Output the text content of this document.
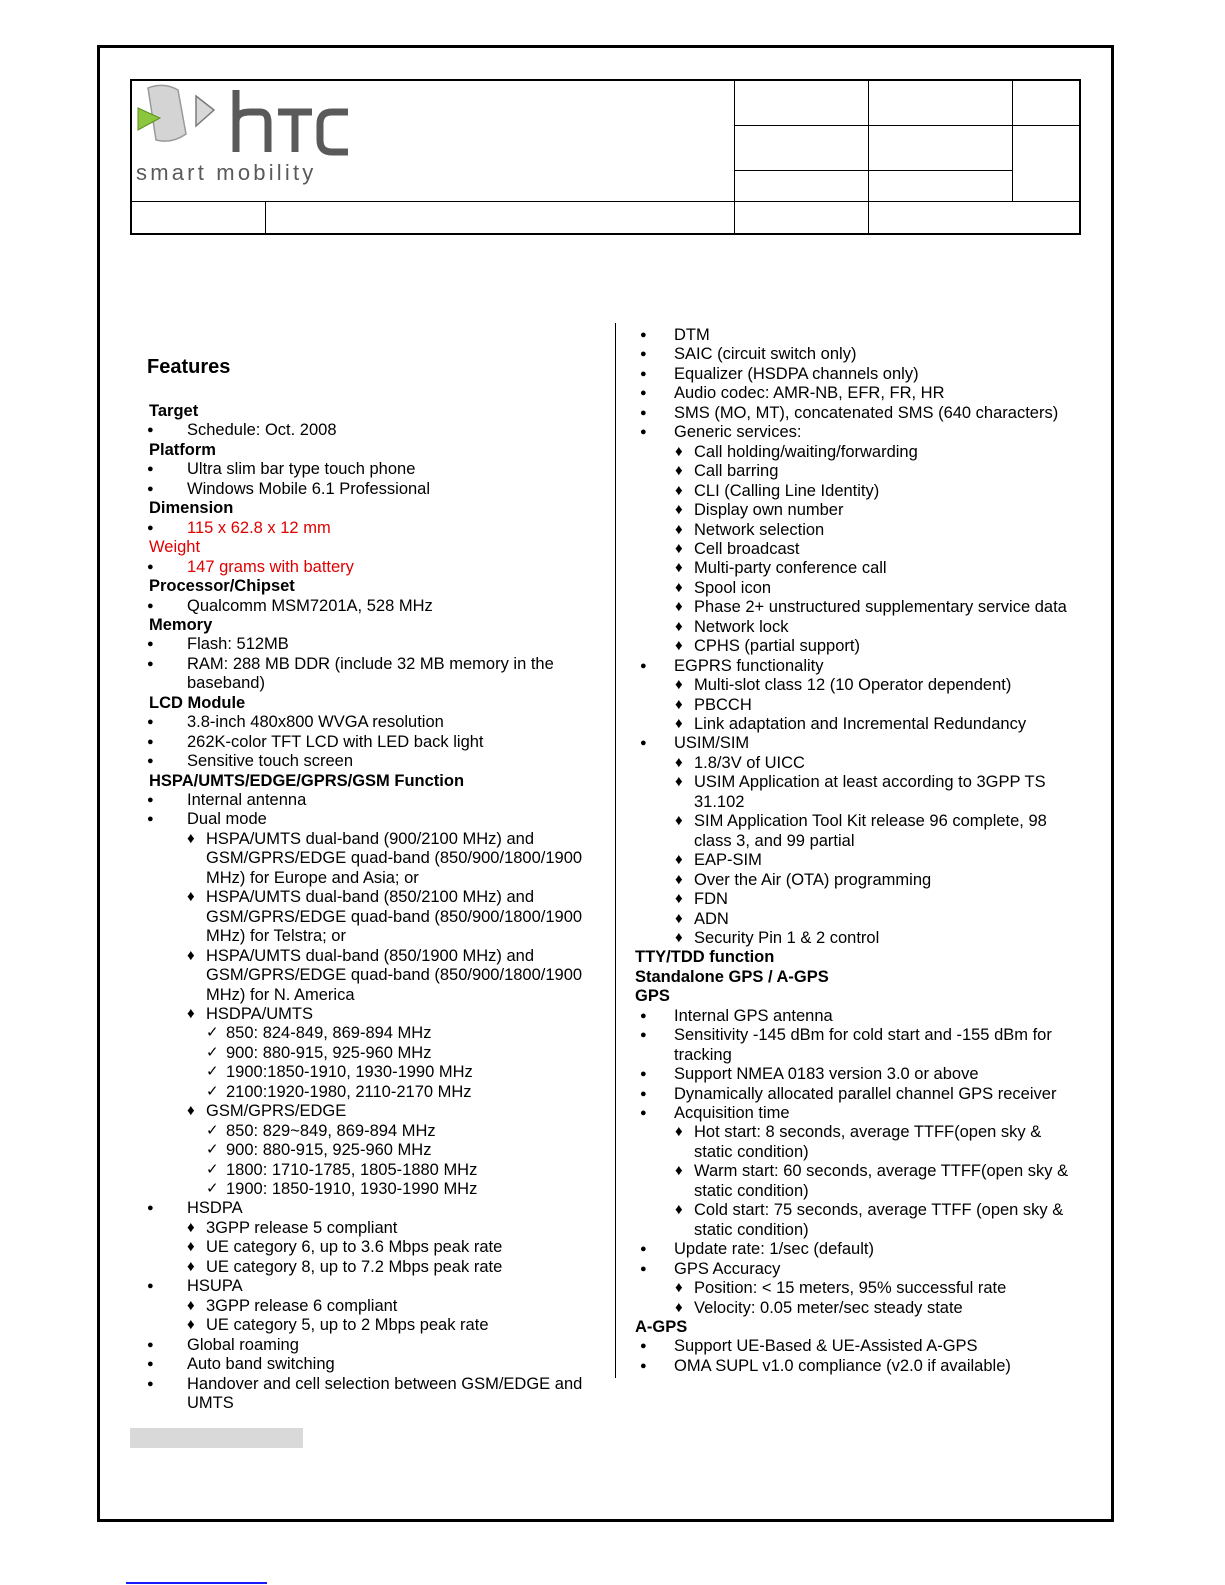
smart mobility
Features
Target
● Schedule: Oct. 2008
Platform
● Ultra slim bar type touch phone
● Windows Mobile 6.1 Professional
Dimension
● 115 x 62.8 x 12 mm
Weight
● 147 grams with battery
Processor/Chipset
● Qualcomm MSM7201A, 528 MHz
Memory
● Flash: 512MB
● RAM: 288 MB DDR (include 32 MB memory in the
baseband)
LCD Module
● 3.8-inch 480x800 WVGA resolution
● 262K-color TFT LCD with LED back light
● Sensitive touch screen
HSPA/UMTS/EDGE/GPRS/GSM Function
● Internal antenna
● Dual mode
♦ HSPA/UMTS dual-band (900/2100 MHz) and
GSM/GPRS/EDGE quad-band (850/900/1800/1900
MHz) for Europe and Asia; or
♦ HSPA/UMTS dual-band (850/2100 MHz) and
GSM/GPRS/EDGE quad-band (850/900/1800/1900
MHz) for Telstra; or
♦ HSPA/UMTS dual-band (850/1900 MHz) and
GSM/GPRS/EDGE quad-band (850/900/1800/1900
MHz) for N. America
♦ HSDPA/UMTS
✓ 850: 824-849, 869-894 MHz
✓ 900: 880-915, 925-960 MHz
✓ 1900:1850-1910, 1930-1990 MHz
✓ 2100:1920-1980, 2110-2170 MHz
♦ GSM/GPRS/EDGE
✓ 850: 829~849, 869-894 MHz
✓ 900: 880-915, 925-960 MHz
✓ 1800: 1710-1785, 1805-1880 MHz
✓ 1900: 1850-1910, 1930-1990 MHz
● HSDPA
♦ 3GPP release 5 compliant
♦ UE category 6, up to 3.6 Mbps peak rate
♦ UE category 8, up to 7.2 Mbps peak rate
● HSUPA
♦ 3GPP release 6 compliant
♦ UE category 5, up to 2 Mbps peak rate
● Global roaming
● Auto band switching
● Handover and cell selection between GSM/EDGE and
UMTS
● DTM
● SAIC (circuit switch only)
● Equalizer (HSDPA channels only)
● Audio codec: AMR-NB, EFR, FR, HR
● SMS (MO, MT), concatenated SMS (640 characters)
● Generic services:
♦ Call holding/waiting/forwarding
♦ Call barring
♦ CLI (Calling Line Identity)
♦ Display own number
♦ Network selection
♦ Cell broadcast
♦ Multi-party conference call
♦ Spool icon
♦ Phase 2+ unstructured supplementary service data
♦ Network lock
♦ CPHS (partial support)
● EGPRS functionality
♦ Multi-slot class 12 (10 Operator dependent)
♦ PBCCH
♦ Link adaptation and Incremental Redundancy
● USIM/SIM
♦ 1.8/3V of UICC
♦ USIM Application at least according to 3GPP TS
31.102
♦ SIM Application Tool Kit release 96 complete, 98
class 3, and 99 partial
♦ EAP-SIM
♦ Over the Air (OTA) programming
♦ FDN
♦ ADN
♦ Security Pin 1 & 2 control
TTY/TDD function
Standalone GPS / A-GPS
GPS
● Internal GPS antenna
● Sensitivity -145 dBm for cold start and -155 dBm for
tracking
● Support NMEA 0183 version 3.0 or above
● Dynamically allocated parallel channel GPS receiver
● Acquisition time
♦ Hot start: 8 seconds, average TTFF(open sky &
static condition)
♦ Warm start: 60 seconds, average TTFF(open sky &
static condition)
♦ Cold start: 75 seconds, average TTFF (open sky &
static condition)
● Update rate: 1/sec (default)
● GPS Accuracy
♦ Position: < 15 meters, 95% successful rate
♦ Velocity: 0.05 meter/sec steady state
A-GPS
● Support UE-Based & UE-Assisted A-GPS
● OMA SUPL v1.0 compliance (v2.0 if available)
